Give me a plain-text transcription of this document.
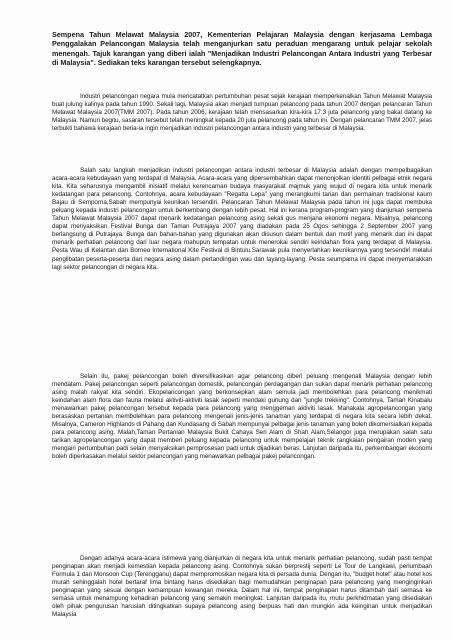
Sempena Tahun Melawat Malaysia 2007, Kementerian Pelajaran Malaysia dengan kerjasama Lembaga Penggalakan Pelancongan Malaysia telah menganjurkan satu peraduan mengarang untuk pelajar sekolah menengah. Tajuk karangan yang diberi ialah "Menjadikan Industri Pelancongan Antara Industri yang Terbesar di Malaysia". Sediakan teks karangan tersebut selengkapnya.
Industri pelancongan negara mula mencatatkan pertumbuhan pesat sejak kerajaan memperkenalkan Tahun Melawat Malaysia buat julung kalinya pada tahun 1990. Sekali lagi, Malaysia akan menjadi tumpuan pelancong pada tahun 2007 dengan pelancaran Tahun Melawat Malaysia 2007(TMM 2007). Pada tahun 2006, kerajaan telah mensasarkan kira-kira 17.3 juta pelancong yang bakal datang ke Malaysia. Namun begitu, sasaran tersebut telah meningkat kepada 20 juta pelancong pada tahun ini. Dengan pelancaran TMM 2007, jelas terbukti bahawa kerajaan beria-ia ingin menjadikan industri pelancongan antara industri yang terbesar di Malaysia.
Salah satu langkah menjadikan industri pelancongan antara industri terbesar di Malaysia adalah dengan mempelbagaikan acara-acara kebudayaan yang terdapat di Malaysia. Acara-acara yang dipersembahkan dapat menonjolkan identiti pelbagai etnik negara kita. Kita seharusnya mengambil inisiatif melalui kerencaman budaya masyarakat majmuk yang wujud di negara kita untuk menarik kedatangan para pelancong. Contohnya, acara kebudayaan "Regatta Lepa" yang merangkumi tarian dan permainan tradisional kaum Bajau di Semporna,Sabah mempunyai keunikan tersendiri. Pelancaran Tahun Melawat Malaysia pada tahun ini juga dapat membuka peluang kepada industri pelancongan untuk berkembang dengan lebih pesat. Hal ini kerana program-program yang dianjurkan sempena Tahun Melawat Malaysia 2007 dapat menarik kedatangan pelancong asing sekali gus menjana ekonomi negara. Misalnya, pelancong dapat menyaksikan Festival Bunga dan Taman Putrajaya 2007 yang diadakan pada 25 Ogos sehingga 2 September 2007 yang berlangsung di Putrajaya. Bunga dan bahan-bahan yang digunakan akan disusun dalam bentuk dan motif yang menarik dan ini dapat menarik perhatian pelancong dari luar negara mahupun tempatan untuk menerokai sendiri keindahan flora yang terdapat di Malaysia. Pesta Wau di Kelantan dan Borneo International Kite Festival di Bintulu,Sarawak pula menyerlahkan keunikannya yang tersendiri melalui penglibatan peserta-peserta dari negara asing dalam pertandingan wau dan layang-layang. Pesta seumpama ini dapat menyemarakkan lagi sektor pelancongan di negara kita.
Selain itu, pakej pelancongan boleh diversifikasikan agar pelancong diberi peluang mengenali Malaysia dengan lebih mendalam. Pakej pelancongan seperti pelancongan domestik, pelancongan perdagangan dan sukan dapat menarik perhatian pelancong asing malah rakyat kita sendiri. Ekopelancongan yang berkonsepkan alam semula jadi membolehkan para pelancong menikmati keindahan alam flora dan fauna melalui aktiviti-aktiviti lasak seperti mendaki gunung dan "jungle trekking". Contohnya, Taman Kinabalu menawarkan pakej pelancongan tersebut kepada para pelancong yang menggemari aktiviti lasak. Manakala agropelancongan yang berasaskan pertanian membolehkan para pelancong mengenali jenis-jenis tanaman yang terdapat di negara kita secara lebih dekat. Misalnya, Cameron Highlands di Pahang dan Kundasang di Sabah mempunyai pelbagai jenis tanaman yang boleh dikomersialkan kepada para pelancong asing. Malah,Taman Pertanian Malaysia Bukit Cahaya Seri Alam di Shah Alam,Selangor juga merupakan salah satu tarikan agropelancongan yang dapat memberi peluang kepada pelancong untuk mempelajari teknik rangkaian pengairan moden yang mengairi pertumbuhan padi selain menyaksikan pemprosesan padi untuk dijadikan beras. Lanjutan daripada itu, perkembangan ekonomi boleh diperkasakan melalui sektor pelancongan yang menawarkan pelbagai pakej pelancongan.
Dengan adanya acara-acara istimewa yang dianjurkan di negara kita untuk menarik perhatian pelancong, sudah pasti tempat penginapan akan menjadi kemestian kepada pelancong asing. Contohnya sukan berprestij seperti Le Tour de Langkawi, perlumbaan Formula 1 dan Monsoon Cup (Terengganu) dapat mempromosikan negara kita di persada dunia. Dengan itu, "budget hotel" atau hotel kos murah sehinggalah hotel bertaraf lima bintang harus disediakan bagi memudahkan penginapan para pelancong yang menginginkan penginapan yang sesuai dengan kemampuan kewangan mereka. Dalam hal ini, tempat penginapan harus ditambah dari semasa ke semasa untuk menampung kehadiran pelancong yang semakin meningkat. Lanjutan daripada itu, mutu perkhidmatan yang disediakan oleh pihak pengurusan haruslah ditingkatkan supaya pelancong asing berpuas hati dan mungkin ada keinginan untuk menjadikan Malaysia
